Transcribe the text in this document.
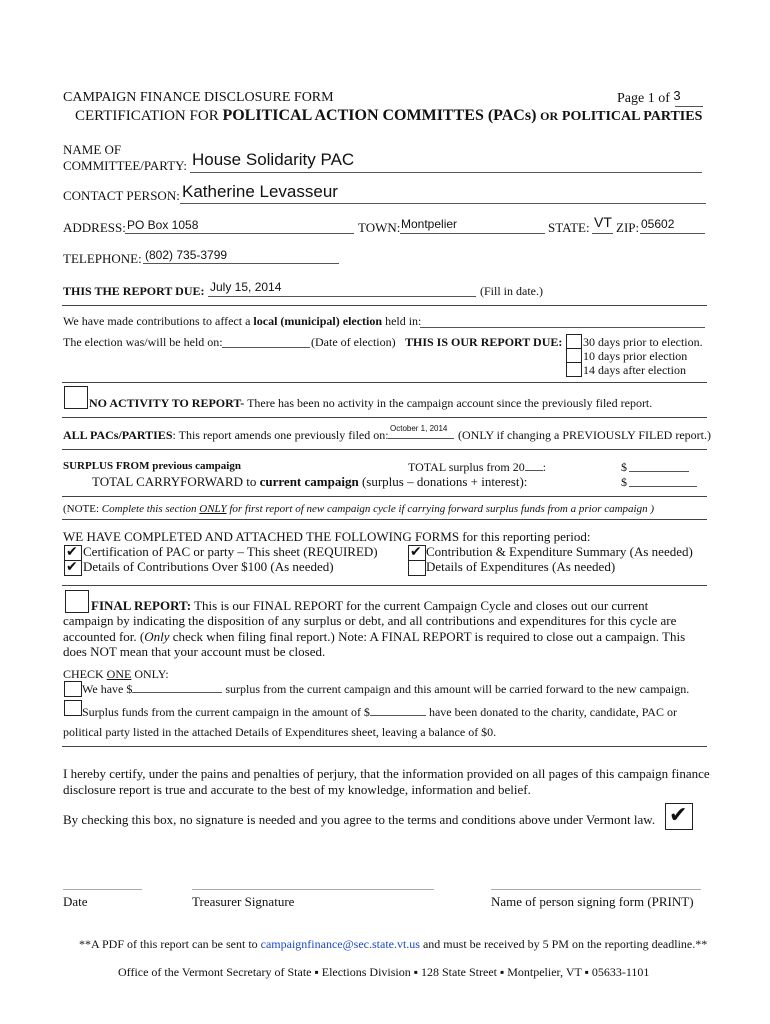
CAMPAIGN FINANCE DISCLOSURE FORM	Page 1 of 3
CERTIFICATION FOR POLITICAL ACTION COMMITTES (PACs) OR POLITICAL PARTIES
NAME OF
COMMITTEE/PARTY: House Solidarity PAC
CONTACT PERSON: Katherine Levasseur
ADDRESS: PO Box 1058	TOWN: Montpelier	STATE: VT ZIP: 05602
TELEPHONE: (802) 735-3799
THIS THE REPORT DUE: July 15, 2014	(Fill in date.)
We have made contributions to affect a local (municipal) election held in:
The election was/will be held on:	(Date of election) THIS IS OUR REPORT DUE: 30 days prior to election.
10 days prior election
14 days after election
NO ACTIVITY TO REPORT- There has been no activity in the campaign account since the previously filed report.
ALL PACs/PARTIES: This report amends one previously filed on: October 1, 2014 (ONLY if changing a PREVIOUSLY FILED report.)
SURPLUS FROM previous campaign	TOTAL surplus from 20 :	$
TOTAL CARRYFORWARD to current campaign (surplus – donations + interest):	$
(NOTE: Complete this section ONLY for first report of new campaign cycle if carrying forward surplus funds from a prior campaign )
WE HAVE COMPLETED AND ATTACHED THE FOLLOWING FORMS for this reporting period:
✔ Certification of PAC or party – This sheet (REQUIRED) ✔ Contribution & Expenditure Summary (As needed)
✔ Details of Contributions Over $100 (As needed)	Details of Expenditures (As needed)
FINAL REPORT: This is our FINAL REPORT for the current Campaign Cycle and closes out our current
campaign by indicating the disposition of any surplus or debt, and all contributions and expenditures for this cycle are
accounted for. (Only check when filing final report.) Note: A FINAL REPORT is required to close out a campaign. This
does NOT mean that your account must be closed.
CHECK ONE ONLY:
We have $	surplus from the current campaign and this amount will be carried forward to the new campaign.
Surplus funds from the current campaign in the amount of $	have been donated to the charity, candidate, PAC or
political party listed in the attached Details of Expenditures sheet, leaving a balance of $0.
I hereby certify, under the pains and penalties of perjury, that the information provided on all pages of this campaign finance
disclosure report is true and accurate to the best of my knowledge, information and belief.
By checking this box, no signature is needed and you agree to the terms and conditions above under Vermont law. ✔
Date	Treasurer Signature	Name of person signing form (PRINT)
**A PDF of this report can be sent to campaignfinance@sec.state.vt.us and must be received by 5 PM on the reporting deadline.**
Office of the Vermont Secretary of State ▪ Elections Division ▪ 128 State Street ▪ Montpelier, VT ▪ 05633-1101
